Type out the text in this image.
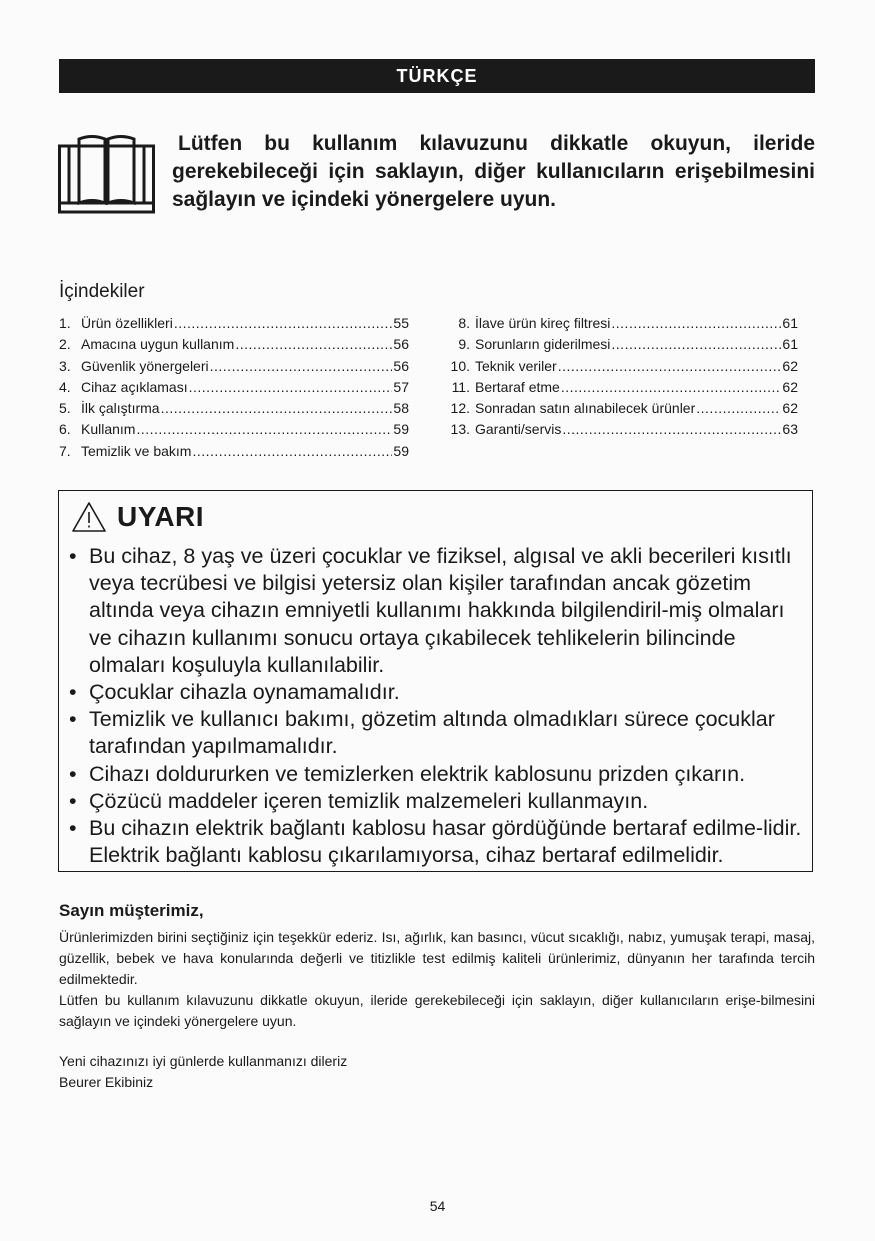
TÜRKÇE
Lütfen bu kullanım kılavuzunu dikkatle okuyun, ileride gerekebileceği için saklayın, diğer kullanıcıların erişebilmesini sağlayın ve içindeki yönergelere uyun.
İçindekiler
1. Ürün özellikleri .....	55
2. Amacına uygun kullanım .....	56
3. Güvenlik yönergeleri .....	56
4. Cihaz açıklaması .....	57
5. İlk çalıştırma .....	58
6. Kullanım .....	59
7. Temizlik ve bakım .....	59
8. İlave ürün kireç filtresi .....	61
9. Sorunların giderilmesi .....	61
10. Teknik veriler .....	62
11. Bertaraf etme .....	62
12. Sonradan satın alınabilecek ürünler .....	62
13. Garanti/servis .....	63
UYARI
• Bu cihaz, 8 yaş ve üzeri çocuklar ve fiziksel, algısal ve akli becerileri kısıtlı veya tecrübesi ve bilgisi yetersiz olan kişiler tarafından ancak gözetim altında veya cihazın emniyetli kullanımı hakkında bilgilendiril-miş olmaları ve cihazın kullanımı sonucu ortaya çıkabilecek tehlikelerin bilincinde olmaları koşuluyla kullanılabilir.
• Çocuklar cihazla oynamamalıdır.
• Temizlik ve kullanıcı bakımı, gözetim altında olmadıkları sürece çocuklar tarafından yapılmamalıdır.
• Cihazı doldururken ve temizlerken elektrik kablosunu prizden çıkarın.
• Çözücü maddeler içeren temizlik malzemeleri kullanmayın.
• Bu cihazın elektrik bağlantı kablosu hasar gördüğünde bertaraf edilme-lidir. Elektrik bağlantı kablosu çıkarılamıyorsa, cihaz bertaraf edilmelidir.
Sayın müşterimiz,

Ürünlerimizden birini seçtiğiniz için teşekkür ederiz. Isı, ağırlık, kan basıncı, vücut sıcaklığı, nabız, yumuşak terapi, masaj, güzellik, bebek ve hava konularında değerli ve titizlikle test edilmiş kaliteli ürünlerimiz, dünyanın her tarafında tercih edilmektedir.

Lütfen bu kullanım kılavuzunu dikkatle okuyun, ileride gerekebileceği için saklayın, diğer kullanıcıların erişe-bilmesini sağlayın ve içindeki yönergelere uyun.

Yeni cihazınızı iyi günlerde kullanmanızı dileriz
Beurer Ekibiniz
54
